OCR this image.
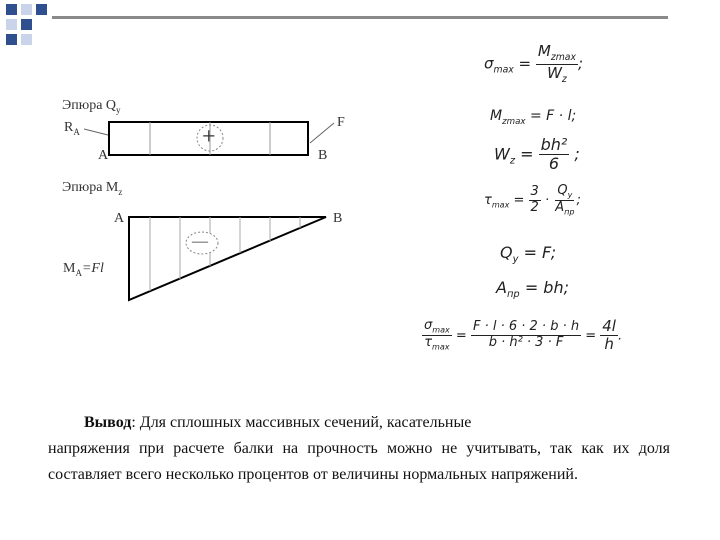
Эпюра $Q_y$
$R_A$
A	B
F
+
Эпюра $M_z$
A	B
—
$M_A=Fl$
$\sigma_{max} = \frac{M_{zmax}}{W_z}$ ;
$M_{zmax} = F \cdot l$;
$W_z = \frac{\text{bh²}}{6}$ ;
$\tau_{max} = \frac{3}{2} \cdot \frac{Q_y}{A_{пр}}$ ;
$Q_y = F$;
$A_{пр}$ = bh;
$\frac{\sigma_{max}}{\tau_{max}} = \frac{F \cdot l \cdot 6 \cdot 2 \cdot b \cdot h}{\text{b · h² · 3 · F}} = \frac{4l}{h}$ .
Вывод: Для сплошных массивных сечений, касательные
напряжения при расчете балки на прочность можно не учитывать, так как их доля составляет всего несколько процентов от величины нормальных напряжений.
